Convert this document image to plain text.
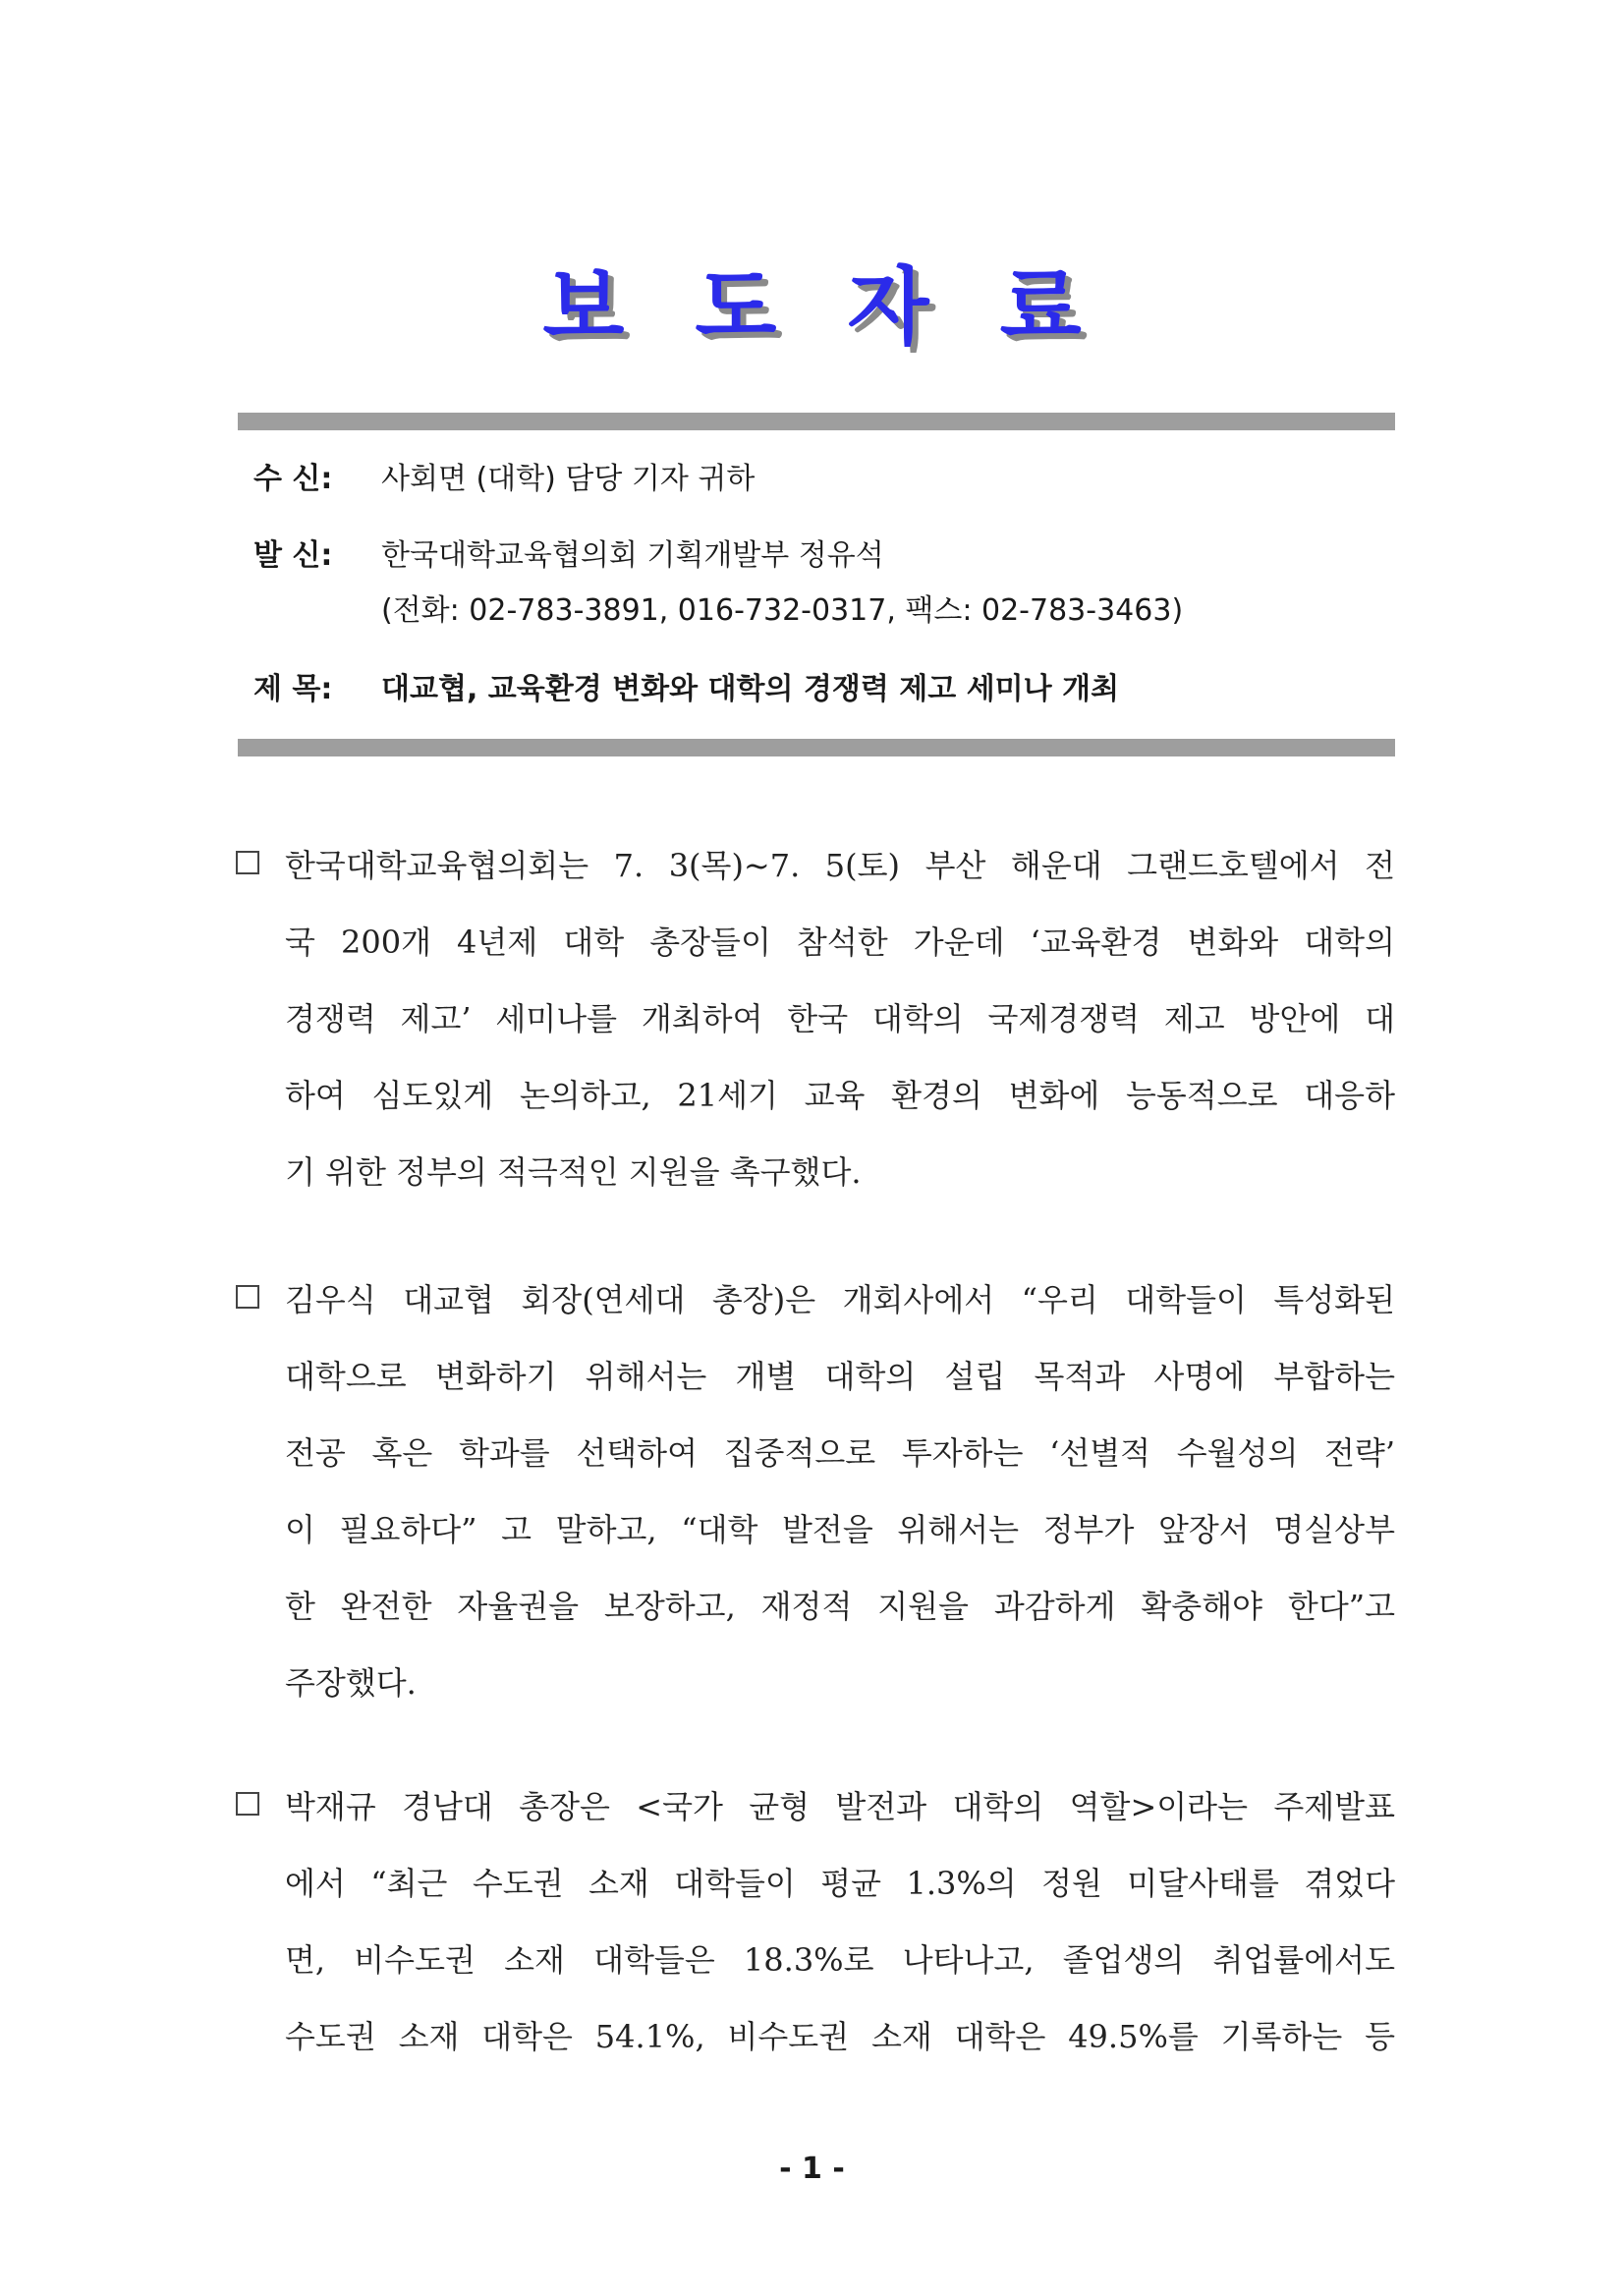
보도자료
수 신:	사회면 (대학) 담당 기자 귀하
발 신:	한국대학교육협의회 기획개발부 정유석
(전화: 02-783-3891, 016-732-0317, 팩스: 02-783-3463)
제 목:	대교협, 교육환경 변화와 대학의 경쟁력 제고 세미나 개최
한국대학교육협의회는 7. 3(목)~7. 5(토) 부산 해운대 그랜드호텔에서 전
국 200개 4년제 대학 총장들이 참석한 가운데 ‘교육환경 변화와 대학의
경쟁력 제고’ 세미나를 개최하여 한국 대학의 국제경쟁력 제고 방안에 대
하여 심도있게 논의하고, 21세기 교육 환경의 변화에 능동적으로 대응하
기 위한 정부의 적극적인 지원을 촉구했다.
김우식 대교협 회장(연세대 총장)은 개회사에서 “우리 대학들이 특성화된
대학으로 변화하기 위해서는 개별 대학의 설립 목적과 사명에 부합하는
전공 혹은 학과를 선택하여 집중적으로 투자하는 ‘선별적 수월성의 전략’
이 필요하다” 고 말하고, “대학 발전을 위해서는 정부가 앞장서 명실상부
한 완전한 자율권을 보장하고, 재정적 지원을 과감하게 확충해야 한다”고
주장했다.
박재규 경남대 총장은 <국가 균형 발전과 대학의 역할>이라는 주제발표
에서 “최근 수도권 소재 대학들이 평균 1.3%의 정원 미달사태를 겪었다
면, 비수도권 소재 대학들은 18.3%로 나타나고, 졸업생의 취업률에서도
수도권 소재 대학은 54.1%, 비수도권 소재 대학은 49.5%를 기록하는 등
- 1 -
